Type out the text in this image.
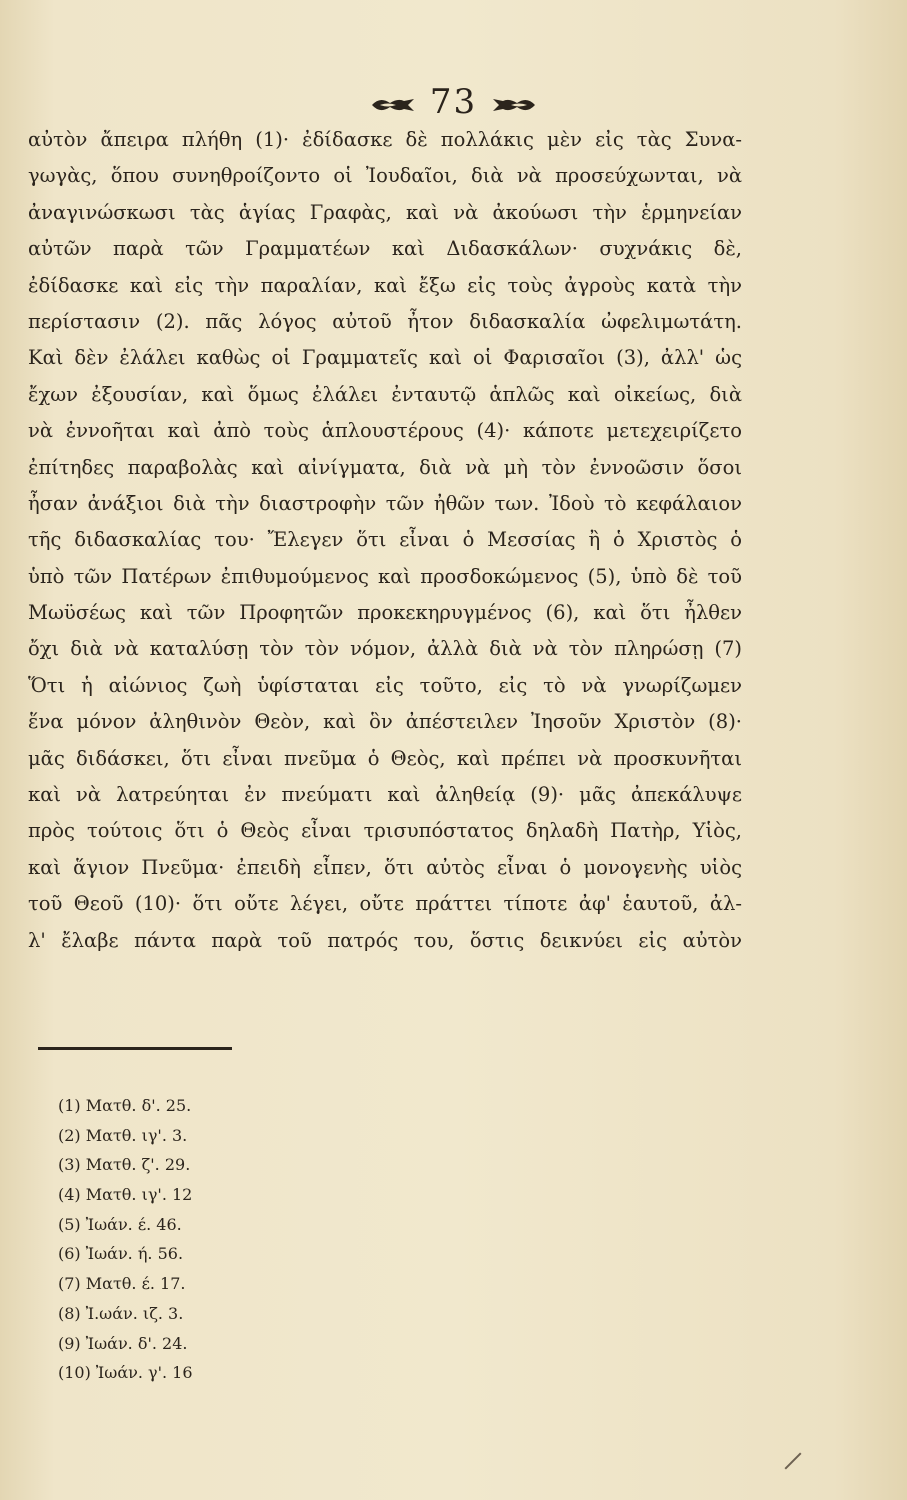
73
αὐτὸν ἄπειρα πλήθη (1)· ἐδίδασκε δὲ πολλάκις μὲν εἰς τὰς Συνα-
γωγὰς, ὅπου συνηθροίζοντο οἱ Ἰουδαῖοι, διὰ νὰ προσεύχωνται, νὰ
ἀναγινώσκωσι τὰς ἁγίας Γραφὰς, καὶ νὰ ἀκούωσι τὴν ἑρμηνείαν
αὐτῶν παρὰ τῶν Γραμματέων καὶ Διδασκάλων· συχνάκις δὲ,
ἐδίδασκε καὶ εἰς τὴν παραλίαν, καὶ ἔξω εἰς τοὺς ἀγροὺς κατὰ τὴν
περίστασιν (2). πᾶς λόγος αὐτοῦ ἦτον διδασκαλία ὠφελιμωτάτη.
Καὶ δὲν ἐλάλει καθὼς οἱ Γραμματεῖς καὶ οἱ Φαρισαῖοι (3), ἀλλ' ὡς
ἔχων ἐξουσίαν, καὶ ὅμως ἐλάλει ἐνταυτῷ ἁπλῶς καὶ οἰκείως, διὰ
νὰ ἐννοῆται καὶ ἀπὸ τοὺς ἁπλουστέρους (4)· κάποτε μετεχειρίζετο
ἐπίτηδες παραβολὰς καὶ αἰνίγματα, διὰ νὰ μὴ τὸν ἐννοῶσιν ὅσοι
ἦσαν ἀνάξιοι διὰ τὴν διαστροφὴν τῶν ἠθῶν των. Ἰδοὺ τὸ κεφάλαιον
τῆς διδασκαλίας του· Ἔλεγεν ὅτι εἶναι ὁ Μεσσίας ἢ ὁ Χριστὸς ὁ
ὑπὸ τῶν Πατέρων ἐπιθυμούμενος καὶ προσδοκώμενος (5), ὑπὸ δὲ τοῦ
Μωϋσέως καὶ τῶν Προφητῶν προκεκηρυγμένος (6), καὶ ὅτι ἦλθεν
ὄχι διὰ νὰ καταλύσῃ τὸν τὸν νόμον, ἀλλὰ διὰ νὰ τὸν πληρώσῃ (7)
Ὅτι ἡ αἰώνιος ζωὴ ὑφίσταται εἰς τοῦτο, εἰς τὸ νὰ γνωρίζωμεν
ἕνα μόνον ἀληθινὸν Θεὸν, καὶ ὃν ἀπέστειλεν Ἰησοῦν Χριστὸν (8)·
μᾶς διδάσκει, ὅτι εἶναι πνεῦμα ὁ Θεὸς, καὶ πρέπει νὰ προσκυνῆται
καὶ νὰ λατρεύηται ἐν πνεύματι καὶ ἀληθείᾳ (9)· μᾶς ἀπεκάλυψε
πρὸς τούτοις ὅτι ὁ Θεὸς εἶναι τρισυπόστατος δηλαδὴ Πατὴρ, Υἱὸς,
καὶ ἅγιον Πνεῦμα· ἐπειδὴ εἶπεν, ὅτι αὐτὸς εἶναι ὁ μονογενὴς υἱὸς
τοῦ Θεοῦ (10)· ὅτι οὔτε λέγει, οὔτε πράττει τίποτε ἀφ' ἑαυτοῦ, ἀλ-
λ' ἔλαβε πάντα παρὰ τοῦ πατρός του, ὅστις δεικνύει εἰς αὐτὸν
(1) Ματθ. δ'. 25.
(2) Ματθ. ιγ'. 3.
(3) Ματθ. ζ'. 29.
(4) Ματθ. ιγ'. 12
(5) Ἰωάν. έ. 46.
(6) Ἰωάν. ή. 56.
(7) Ματθ. έ. 17.
(8) Ἰ.ωάν. ιζ. 3.
(9) Ἰωάν. δ'. 24.
(10) Ἰωάν. γ'. 16
